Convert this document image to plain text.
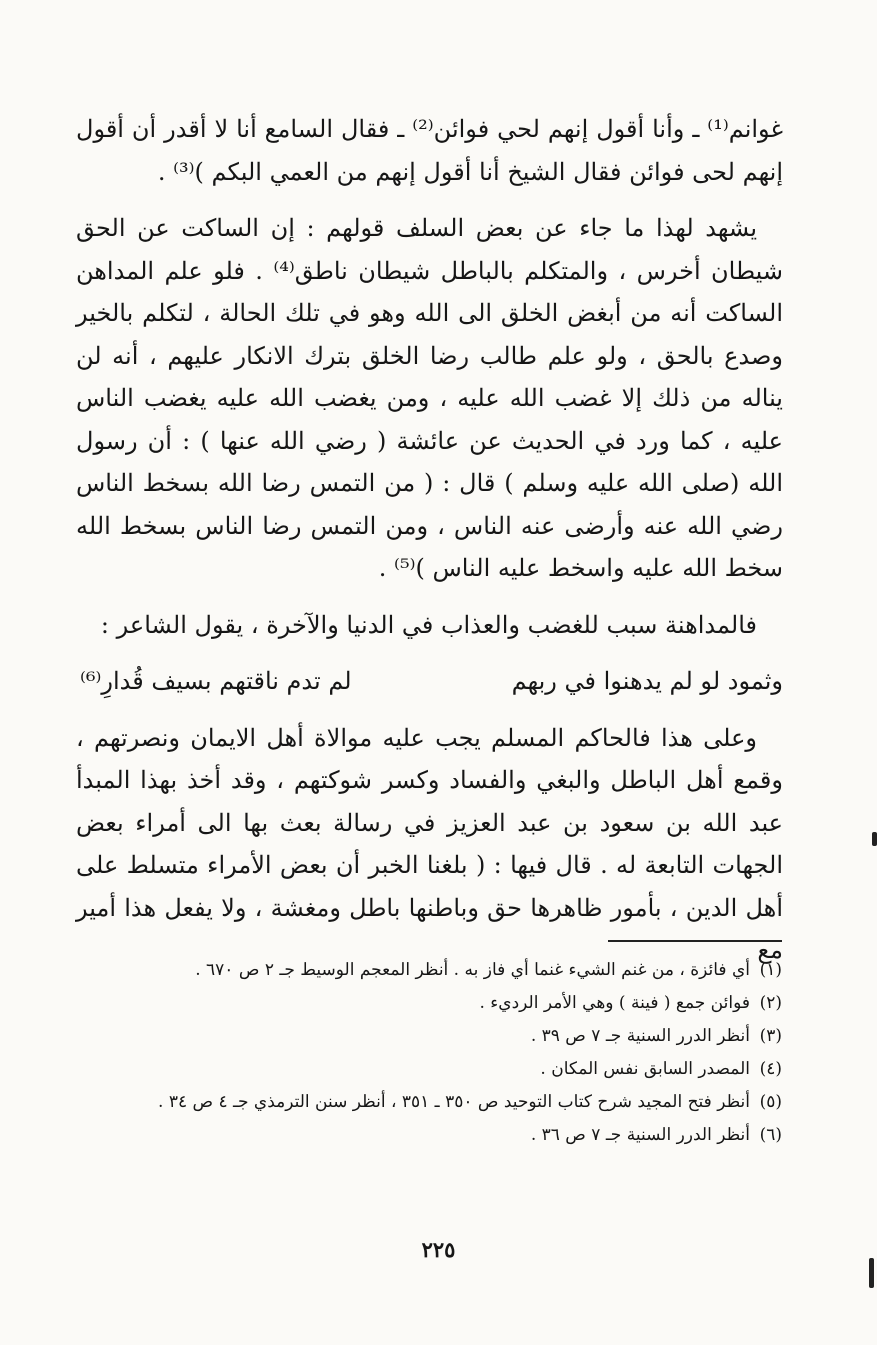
غوانم⁽¹⁾ ـ وأنا أقول إنهم لحي فوائن⁽²⁾ ـ فقال السامع أنا لا أقدر أن أقول إنهم لحى فوائن فقال الشيخ أنا أقول إنهم من العمي البكم )⁽³⁾ .

يشهد لهذا ما جاء عن بعض السلف قولهم : إن الساكت عن الحق شيطان أخرس ، والمتكلم بالباطل شيطان ناطق⁽⁴⁾ . فلو علم المداهن الساكت أنه من أبغض الخلق الى الله وهو في تلك الحالة ، لتكلم بالخير وصدع بالحق ، ولو علم طالب رضا الخلق بترك الانكار عليهم ، أنه لن يناله من ذلك إلا غضب الله عليه ، ومن يغضب الله عليه يغضب الناس عليه ، كما ورد في الحديث عن عائشة ( رضي الله عنها ) : أن رسول الله (صلى الله عليه وسلم ) قال : ( من التمس رضا الله بسخط الناس رضي الله عنه وأرضى عنه الناس ، ومن التمس رضا الناس بسخط الله سخط الله عليه واسخط عليه الناس )⁽⁵⁾ .

فالمداهنة سبب للغضب والعذاب في الدنيا والآخرة ، يقول الشاعر :

وثمود لو لم يدهنوا في ربهم
لم تدم ناقتهم بسيف قُدارِ⁽⁶⁾

وعلى هذا فالحاكم المسلم يجب عليه موالاة أهل الايمان ونصرتهم ، وقمع أهل الباطل والبغي والفساد وكسر شوكتهم ، وقد أخذ بهذا المبدأ عبد الله بن سعود بن عبد العزيز في رسالة بعث بها الى أمراء بعض الجهات التابعة له . قال فيها : ( بلغنا الخبر أن بعض الأمراء متسلط على أهل الدين ، بأمور ظاهرها حق وباطنها باطل ومغشة ، ولا يفعل هذا أمير مع

(١)
أي فائزة ، من غنم الشيء غنما أي فاز به . أنظر المعجم الوسيط جـ ٢ ص ٦٧٠ .
(٢)
فوائن جمع ( فينة ) وهي الأمر الرديء .
(٣)
أنظر الدرر السنية جـ ٧ ص ٣٩ .
(٤)
المصدر السابق نفس المكان .
(٥)
أنظر فتح المجيد شرح كتاب التوحيد ص ٣٥٠ ـ ٣٥١ ، أنظر سنن الترمذي جـ ٤ ص ٣٤ .
(٦)
أنظر الدرر السنية جـ ٧ ص ٣٦ .
٢٢٥
